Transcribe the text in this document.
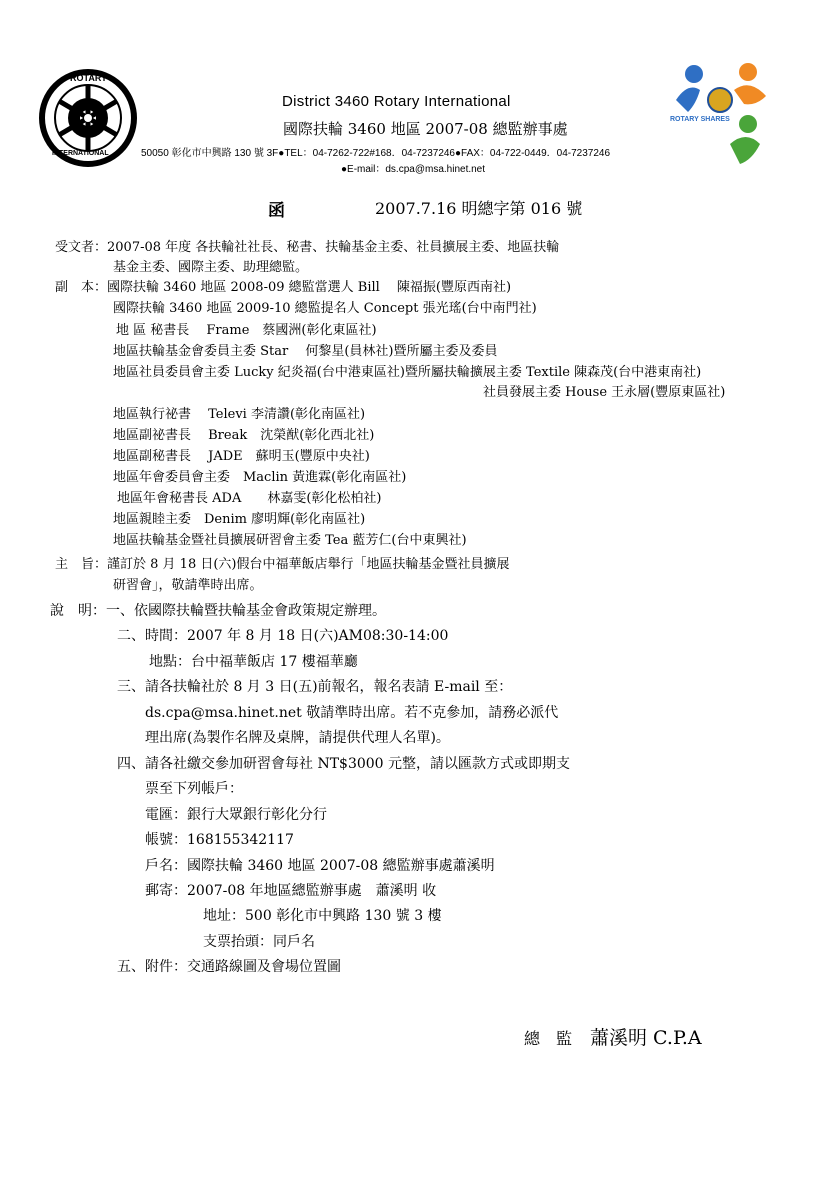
ROTARY
INTERNATIONAL
ROTARY SHARES
District 3460 Rotary International
國際扶輪 3460 地區 2007-08 總監辦事處
50050 彰化市中興路 130 號 3F●TEL：04-7262-722#168．04-7237246●FAX：04-722-0449．04-7237246
●E-mail：ds.cpa@msa.hinet.net
函	2007.7.16 明總字第 016 號
受文者：2007-08 年度 各扶輪社社長、秘書、扶輪基金主委、社員擴展主委、地區扶輪
基金主委、國際主委、助理總監。
副　本：國際扶輪 3460 地區 2008-09 總監當選人 Bill　 陳福振(豐原西南社)
國際扶輪 3460 地區 2009-10 總監提名人 Concept 張光瑤(台中南門社)
地 區 秘書長　 Frame　蔡國洲(彰化東區社)
地區扶輪基金會委員主委 Star　 何黎星(員林社)暨所屬主委及委員
地區社員委員會主委 Lucky 紀炎福(台中港東區社)暨所屬扶輪擴展主委 Textile 陳森茂(台中港東南社)
社員發展主委 House 王永層(豐原東區社)
地區執行祕書　 Televi 李清讚(彰化南區社)
地區副祕書長　 Break　沈榮猷(彰化西北社)
地區副秘書長　 JADE　蘇明玉(豐原中央社)
地區年會委員會主委　Maclin 黃進霖(彰化南區社)
地區年會秘書長 ADA　　林嘉雯(彰化松柏社)
地區親睦主委　Denim 廖明輝(彰化南區社)
地區扶輪基金暨社員擴展研習會主委 Tea 藍芳仁(台中東興社)
主　旨：謹訂於 8 月 18 日(六)假台中福華飯店舉行「地區扶輪基金暨社員擴展
研習會」，敬請準時出席。
說　明：一、依國際扶輪暨扶輪基金會政策規定辦理。
二、時間：2007 年 8 月 18 日(六)AM08:30-14:00
地點：台中福華飯店 17 樓福華廳
三、請各扶輪社於 8 月 3 日(五)前報名，報名表請 E-mail 至：
ds.cpa@msa.hinet.net 敬請準時出席。若不克參加，請務必派代
理出席(為製作名牌及桌牌，請提供代理人名單)。
四、請各社繳交參加研習會每社 NT$3000 元整，請以匯款方式或即期支
票至下列帳戶：
電匯：銀行大眾銀行彰化分行
帳號：168155342117
戶名：國際扶輪 3460 地區 2007-08 總監辦事處蕭溪明
郵寄：2007-08 年地區總監辦事處　蕭溪明 收
地址：500 彰化市中興路 130 號 3 樓
支票抬頭：同戶名
五、附件：交通路線圖及會場位置圖
總　監 蕭溪明 C.P.A
